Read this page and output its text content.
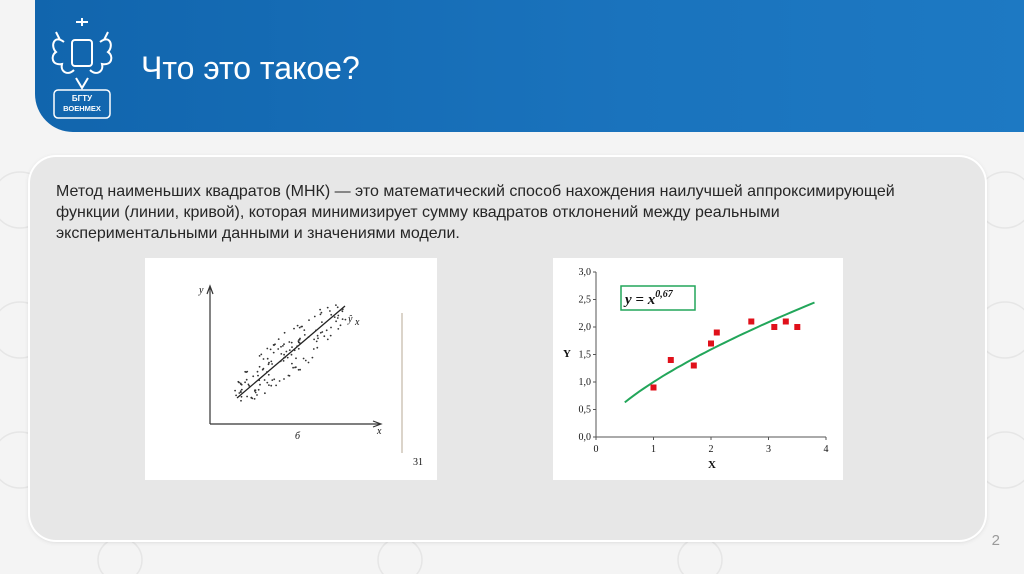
БГТУ
ВОЕНМЕХ
Что это такое?
Метод наименьших квадратов (МНК) — это математический способ нахождения наилучшей аппроксимирующей функции (линии, кривой), которая минимизирует сумму квадратов отклонений между реальными экспериментальными данными и значениями модели.
y
x
ŷ x
б
31
0,0
0,5
1,0
1,5
2,0
2,5
3,0
0	1	2	3	4
$y = x^{0,67}$
Y
X
2
